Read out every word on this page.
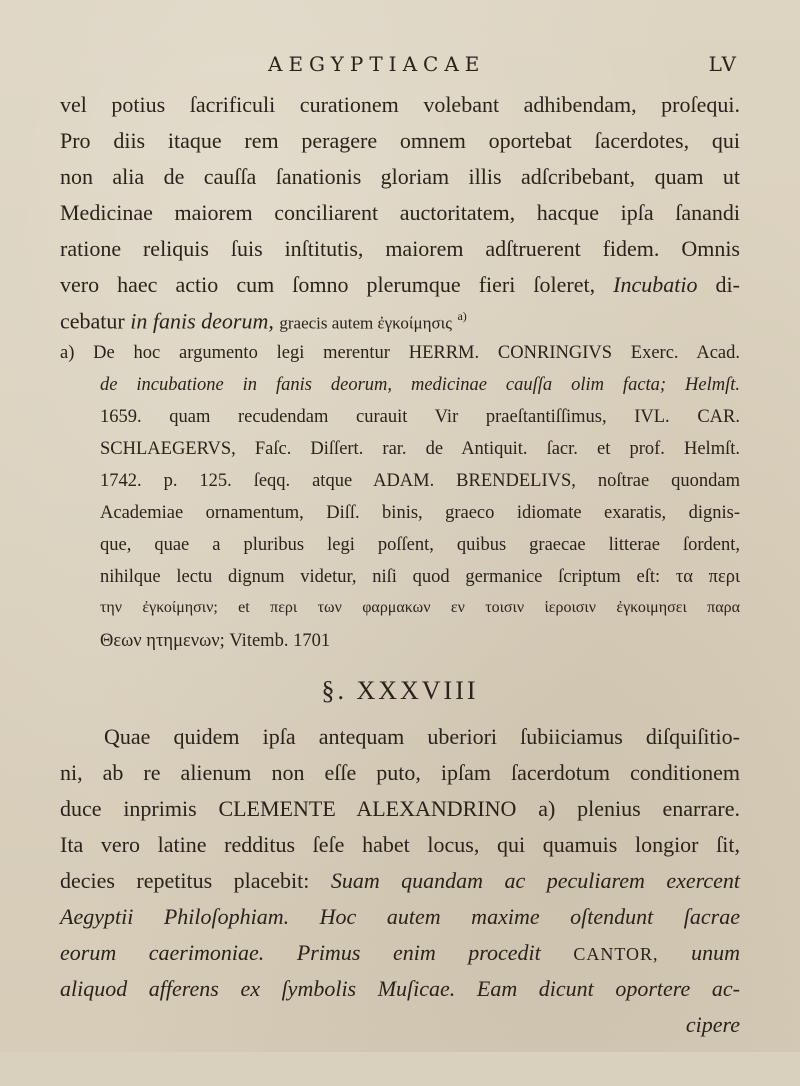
AEGYPTIACAE	LV
vel potius ſacrificuli curationem volebant adhibendam, proſequi.
Pro diis itaque rem peragere omnem oportebat ſacerdotes, qui
non alia de cauſſa ſanationis gloriam illis adſcribebant, quam ut
Medicinae maiorem conciliarent auctoritatem, hacque ipſa ſanandi
ratione reliquis ſuis inſtitutis, maiorem adſtruerent fidem. Omnis
vero haec actio cum ſomno plerumque fieri ſoleret, Incubatio di-
cebatur in fanis deorum, graecis autem ἐγκοίμησις $^{a)}$
a) De hoc argumento legi merentur HERRM. CONRINGIVS Exerc. Acad.
de incubatione in fanis deorum, medicinae cauſſa olim facta; Helmſt.
1659. quam recudendam curauit Vir praeſtantiſſimus, IVL. CAR.
SCHLAEGERVS, Faſc. Diſſert. rar. de Antiquit. ſacr. et prof. Helmſt.
1742. p. 125. ſeqq. atque ADAM. BRENDELIVS, noſtrae quondam
Academiae ornamentum, Diſſ. binis, graeco idiomate exaratis, dignis-
que, quae a pluribus legi poſſent, quibus graecae litterae ſordent,
nihilque lectu dignum videtur, niſi quod germanice ſcriptum eſt: τα περι
την ἐγκοίμησιν; et περι των φαρμακων εν τοισιν ἱεροισιν ἐγκοιμησει παρα
Θεων ητημενων; Vitemb. 1701
§. XXXVIII
Quae quidem ipſa antequam uberiori ſubiiciamus diſquiſitio-
ni, ab re alienum non eſſe puto, ipſam ſacerdotum conditionem
duce inprimis CLEMENTE ALEXANDRINO a) plenius enarrare.
Ita vero latine redditus ſeſe habet locus, qui quamuis longior ſit,
decies repetitus placebit: Suam quandam ac peculiarem exercent
Aegyptii Philoſophiam. Hoc autem maxime oſtendunt ſacrae
eorum caerimoniae. Primus enim procedit CANTOR, unum
aliquod afferens ex ſymbolis Muſicae. Eam dicunt oportere ac-
cipere
